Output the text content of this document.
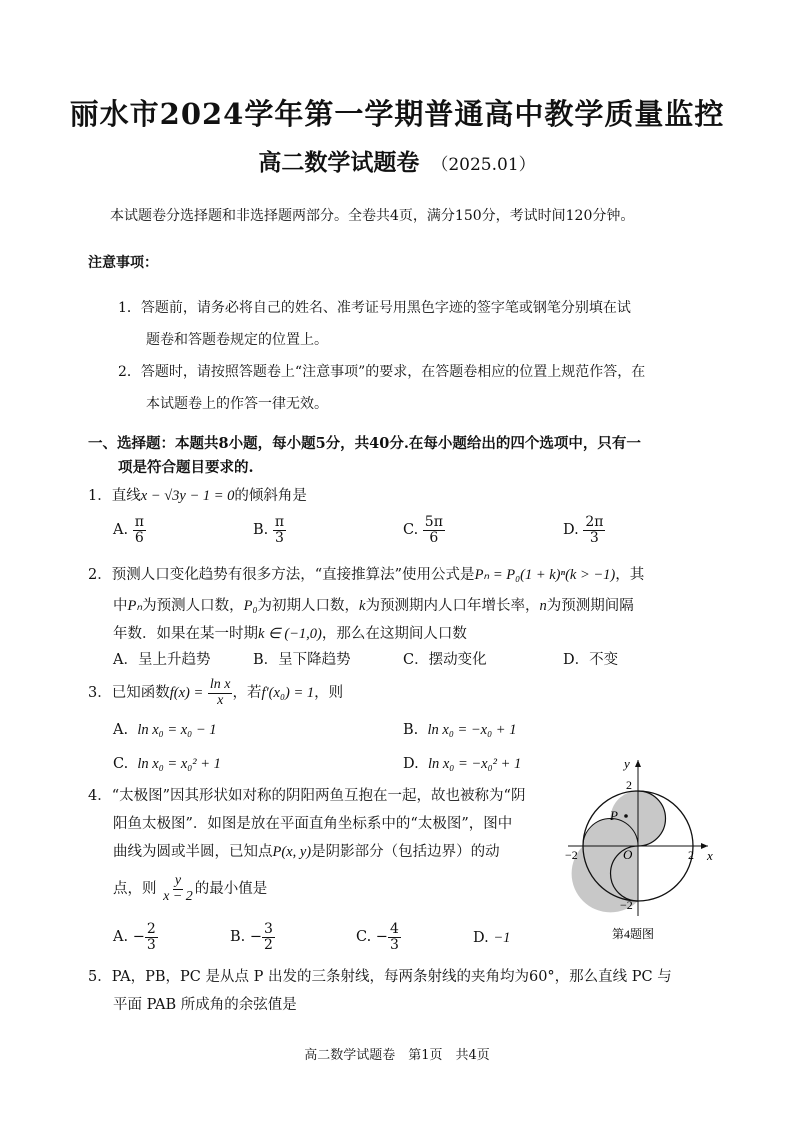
丽水市2024学年第一学期普通高中教学质量监控
高二数学试题卷 （2025.01）
本试题卷分选择题和非选择题两部分。全卷共4页，满分150分，考试时间120分钟。
注意事项：
1．答题前，请务必将自己的姓名、准考证号用黑色字迹的签字笔或钢笔分别填在试
题卷和答题卷规定的位置上。
2．答题时，请按照答题卷上“注意事项”的要求，在答题卷相应的位置上规范作答，在
本试题卷上的作答一律无效。
一、选择题：本题共8小题，每小题5分，共40分.在每小题给出的四个选项中，只有一
项是符合题目要求的.
1．直线x − √3y − 1 = 0的倾斜角是
A. $\frac{\pi}{6}$	B. $\frac{\pi}{3}$	C. $\frac{5\pi}{6}$	D. $\frac{2\pi}{3}$
2．预测人口变化趋势有很多方法，“直接推算法”使用公式是Pₙ = P₀(1 + k)ⁿ(k > −1)，其
中Pₙ为预测人口数，P₀为初期人口数，k为预测期内人口年增长率，n为预测期间隔
年数．如果在某一时期k ∈ (−1,0)，那么在这期间人口数
A．呈上升趋势	B．呈下降趋势	C．摆动变化	D．不变
3．已知函数$f(x) = \frac{\text{ln x}}{x}$ ，若f′(x₀) = 1，则
A. ln x₀ = x₀ − 1	B. ln x₀ = −x₀ + 1
C. ln x₀ = x₀² + 1	D. ln x₀ = −x₀² + 1
4．“太极图”因其形状如对称的阴阳两鱼互抱在一起，故也被称为“阴
阳鱼太极图”．如图是放在平面直角坐标系中的“太极图”，图中
曲线为圆或半圆，已知点P(x, y)是阴影部分（包括边界）的动
点，则 $\frac{y}{x - 2}$ 的最小值是
A. − $\frac{2}{3}$	B. − $\frac{3}{2}$	C. − $\frac{4}{3}$	D. −1
P
y
x
O
2
−2
−2	2
第4题图
5．PA，PB，PC 是从点 P 出发的三条射线，每两条射线的夹角均为60°，那么直线 PC 与
平面 PAB 所成角的余弦值是
高二数学试题卷　第1页　共4页
